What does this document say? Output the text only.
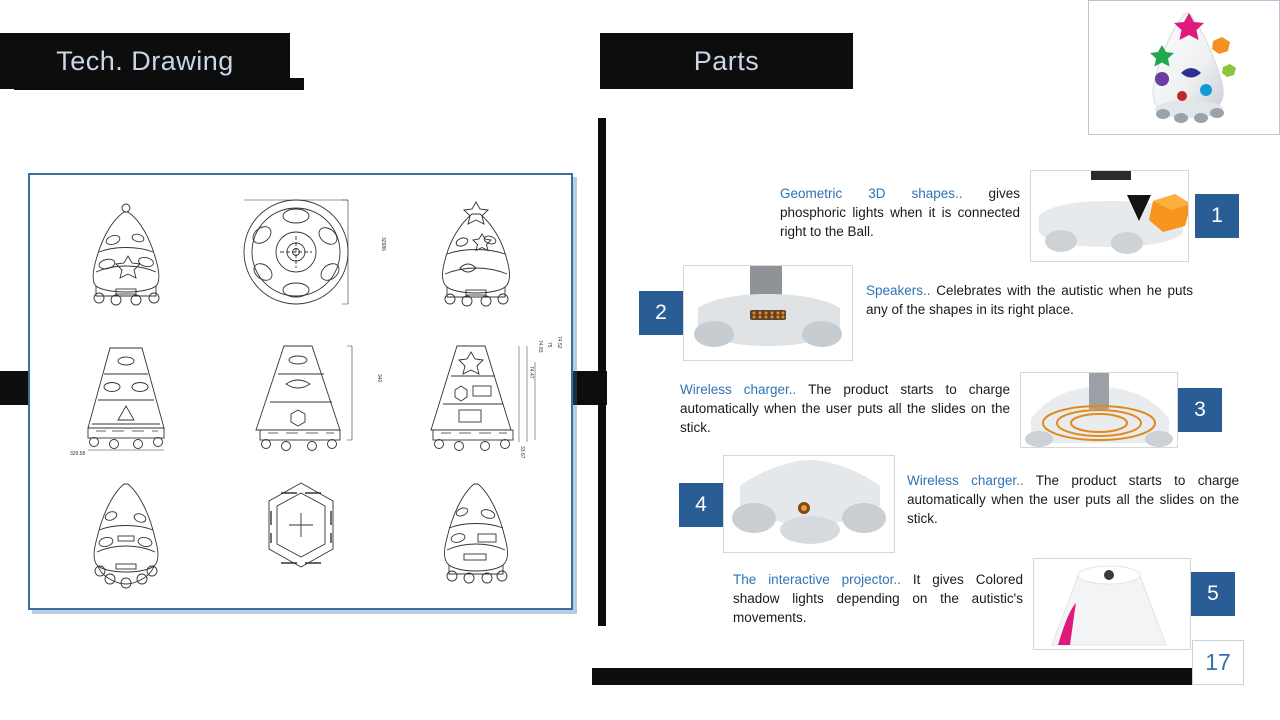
Tech. Drawing	Parts
32986
329.58
340
74.52
75
74.83
74.47
33.67
Geometric 3D shapes.. gives phosphoric lights when it is connected right to the Ball.
1
2
Speakers.. Celebrates with the autistic when he puts any of the shapes in its right place.
Wireless charger.. The product starts to charge automatically when the user puts all the slides on the stick.
3
4
Wireless charger.. The product starts to charge automatically when the user puts all the slides on the stick.
The interactive projector.. It gives Colored shadow lights depending on the autistic's movements.
5
17
